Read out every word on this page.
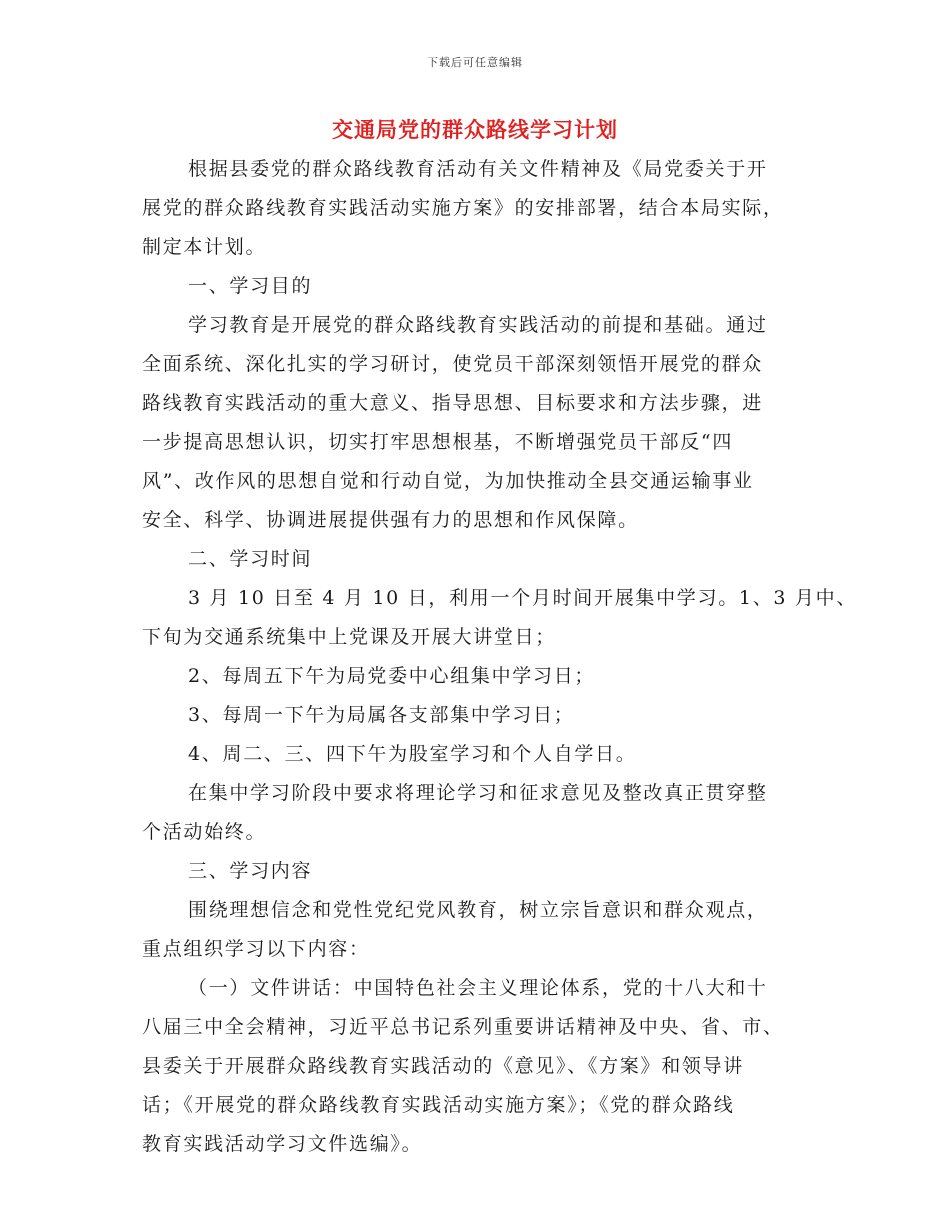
下载后可任意编辑
交通局党的群众路线学习计划

根据县委党的群众路线教育活动有关文件精神及《局党委关于开
展党的群众路线教育实践活动实施方案》的安排部署，结合本局实际，
制定本计划。

一、学习目的

学习教育是开展党的群众路线教育实践活动的前提和基础。通过
全面系统、深化扎实的学习研讨，使党员干部深刻领悟开展党的群众
路线教育实践活动的重大意义、指导思想、目标要求和方法步骤，进
一步提高思想认识，切实打牢思想根基，不断增强党员干部反“四
风”、改作风的思想自觉和行动自觉，为加快推动全县交通运输事业
安全、科学、协调进展提供强有力的思想和作风保障。

二、学习时间

3 月 10 日至 4 月 10 日，利用一个月时间开展集中学习。1、3 月中、
下旬为交通系统集中上党课及开展大讲堂日；

2、每周五下午为局党委中心组集中学习日；

3、每周一下午为局属各支部集中学习日；

4、周二、三、四下午为股室学习和个人自学日。

在集中学习阶段中要求将理论学习和征求意见及整改真正贯穿整
个活动始终。

三、学习内容

围绕理想信念和党性党纪党风教育，树立宗旨意识和群众观点，
重点组织学习以下内容：

（一）文件讲话：中国特色社会主义理论体系，党的十八大和十
八届三中全会精神，习近平总书记系列重要讲话精神及中央、省、市、
县委关于开展群众路线教育实践活动的《意见》、《方案》和领导讲
话；《开展党的群众路线教育实践活动实施方案》；《党的群众路线
教育实践活动学习文件选编》。
